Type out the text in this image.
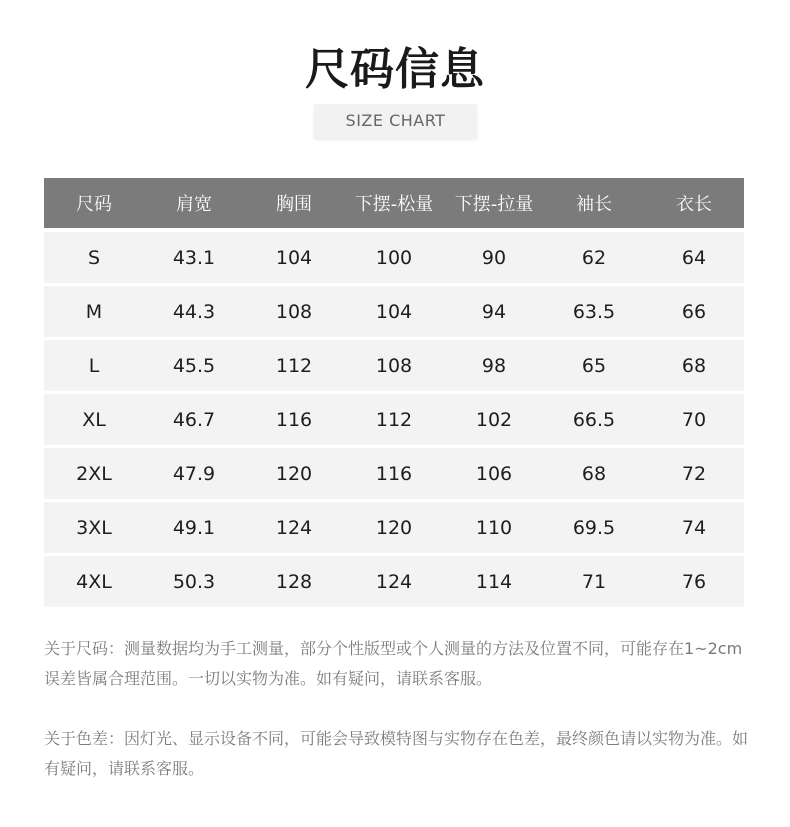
尺码信息
SIZE CHART
尺码	肩宽	胸围	下摆-松量	下摆-拉量	袖长	衣长
S	43.1	104	100	90	62	64
M	44.3	108	104	94	63.5	66
L	45.5	112	108	98	65	68
XL	46.7	116	112	102	66.5	70
2XL	47.9	120	116	106	68	72
3XL	49.1	124	120	110	69.5	74
4XL	50.3	128	124	114	71	76

关于尺码：测量数据均为手工测量，部分个性版型或个人测量的方法及位置不同，可能存在1~2cm误差皆属合理范围。一切以实物为准。如有疑问，请联系客服。

关于色差：因灯光、显示设备不同，可能会导致模特图与实物存在色差，最终颜色请以实物为准。如有疑问，请联系客服。
